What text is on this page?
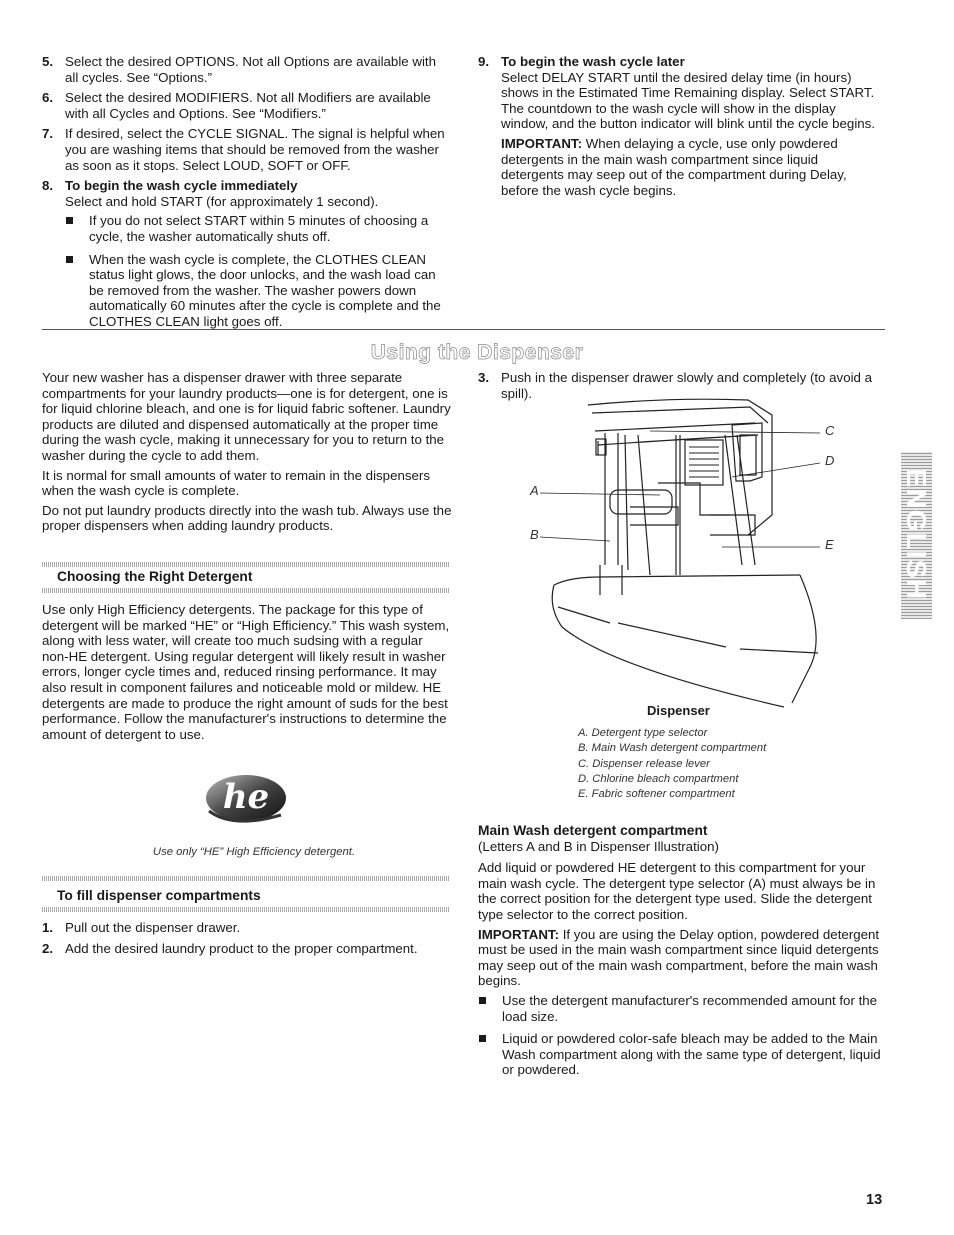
5. Select the desired OPTIONS. Not all Options are available with all cycles. See “Options.”
6. Select the desired MODIFIERS. Not all Modifiers are available with all Cycles and Options. See “Modifiers.”
7. If desired, select the CYCLE SIGNAL. The signal is helpful when you are washing items that should be removed from the washer as soon as it stops. Select LOUD, SOFT or OFF.
8. To begin the wash cycle immediately
Select and hold START (for approximately 1 second).
If you do not select START within 5 minutes of choosing a cycle, the washer automatically shuts off.
When the wash cycle is complete, the CLOTHES CLEAN status light glows, the door unlocks, and the wash load can be removed from the washer. The washer powers down automatically 60 minutes after the cycle is complete and the CLOTHES CLEAN light goes off.
9. To begin the wash cycle later

Select DELAY START until the desired delay time (in hours) shows in the Estimated Time Remaining display. Select START. The countdown to the wash cycle will show in the display window, and the button indicator will blink until the cycle begins.

IMPORTANT: When delaying a cycle, use only powdered detergents in the main wash compartment since liquid detergents may seep out of the compartment during Delay, before the wash cycle begins.

Using the Dispenser

Your new washer has a dispenser drawer with three separate compartments for your laundry products—one is for detergent, one is for liquid chlorine bleach, and one is for liquid fabric softener. Laundry products are diluted and dispensed automatically at the proper time during the wash cycle, making it unnecessary for you to return to the washer during the cycle to add them.

It is normal for small amounts of water to remain in the dispensers when the wash cycle is complete.

Do not put laundry products directly into the wash tub. Always use the proper dispensers when adding laundry products.

Choosing the Right Detergent

Use only High Efficiency detergents. The package for this type of detergent will be marked “HE” or “High Efficiency.” This wash system, along with less water, will create too much sudsing with a regular non-HE detergent. Using regular detergent will likely result in washer errors, longer cycle times and, reduced rinsing performance. It may also result in component failures and noticeable mold or mildew. HE detergents are made to produce the right amount of suds for the best performance. Follow the manufacturer's instructions to determine the amount of detergent to use.

he
Use only “HE” High Efficiency detergent.
To fill dispenser compartments
1. Pull out the dispenser drawer.
2. Add the desired laundry product to the proper compartment.
3. Push in the dispenser drawer slowly and completely (to avoid a spill).
A
B
C
D
E
Dispenser
A. Detergent type selector
B. Main Wash detergent compartment
C. Dispenser release lever
D. Chlorine bleach compartment
E. Fabric softener compartment
Main Wash detergent compartment

(Letters A and B in Dispenser Illustration)

Add liquid or powdered HE detergent to this compartment for your main wash cycle. The detergent type selector (A) must always be in the correct position for the detergent type used. Slide the detergent type selector to the correct position.

IMPORTANT: If you are using the Delay option, powdered detergent must be used in the main wash compartment since liquid detergents may seep out of the main wash compartment, before the main wash begins.

Use the detergent manufacturer's recommended amount for the load size.
Liquid or powdered color-safe bleach may be added to the Main Wash compartment along with the same type of detergent, liquid or powdered.
ENGLISH
13
